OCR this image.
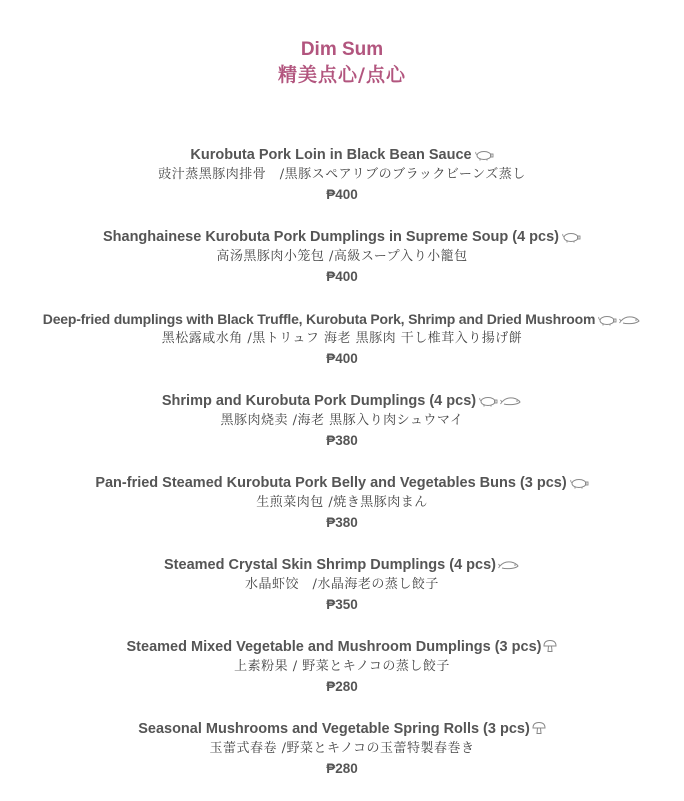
Dim Sum
精美点心/点心
Kurobuta Pork Loin in Black Bean Sauce
豉汁蒸黑豚肉排骨　/黒豚スペアリブのブラックビーンズ蒸し
₱400
Shanghainese Kurobuta Pork Dumplings in Supreme Soup (4 pcs)
高汤黑豚肉小笼包 /高級スープ入り小籠包
₱400
Deep-fried dumplings with Black Truffle, Kurobuta Pork, Shrimp and Dried Mushroom
黑松露咸水角 /黒トリュフ 海老 黒豚肉 干し椎茸入り揚げ餅
₱400
Shrimp and Kurobuta Pork Dumplings (4 pcs)
黑豚肉烧卖 /海老 黒豚入り肉シュウマイ
₱380
Pan-fried Steamed Kurobuta Pork Belly and Vegetables Buns (3 pcs)
生煎菜肉包 /焼き黒豚肉まん
₱380
Steamed Crystal Skin Shrimp Dumplings (4 pcs)
水晶虾饺　/水晶海老の蒸し餃子
₱350
Steamed Mixed Vegetable and Mushroom Dumplings (3 pcs)
上素粉果 / 野菜とキノコの蒸し餃子
₱280
Seasonal Mushrooms and Vegetable Spring Rolls (3 pcs)
玉蕾式春卷 /野菜とキノコの玉蕾特製春巻き
₱280
